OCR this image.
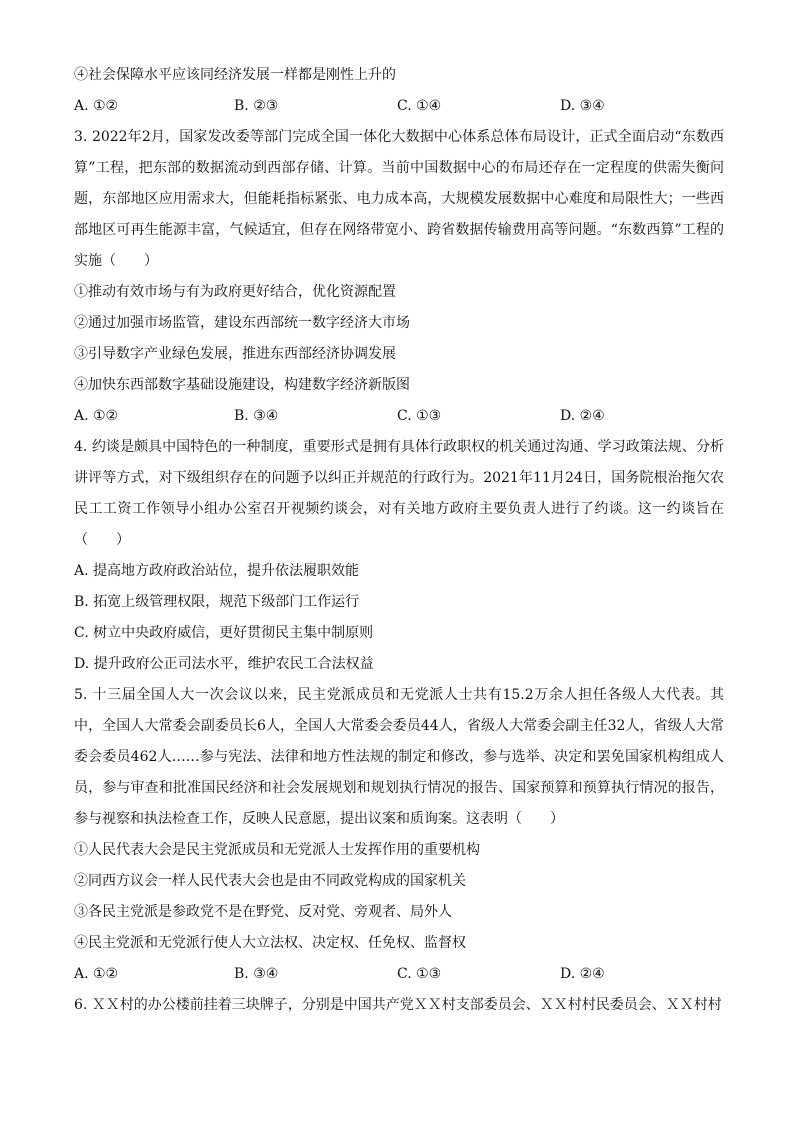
④社会保障水平应该同经济发展一样都是刚性上升的
A. ①②	B. ②③	C. ①④	D. ③④
3. 2022年2月，国家发改委等部门完成全国一体化大数据中心体系总体布局设计，正式全面启动“东数西算”工程，把东部的数据流动到西部存储、计算。当前中国数据中心的布局还存在一定程度的供需失衡问题，东部地区应用需求大，但能耗指标紧张、电力成本高，大规模发展数据中心难度和局限性大；一些西部地区可再生能源丰富，气候适宜，但存在网络带宽小、跨省数据传输费用高等问题。“东数西算”工程的实施（　　）
①推动有效市场与有为政府更好结合，优化资源配置
②通过加强市场监管，建设东西部统一数字经济大市场
③引导数字产业绿色发展，推进东西部经济协调发展
④加快东西部数字基础设施建设，构建数字经济新版图
A. ①②	B. ③④	C. ①③	D. ②④
4. 约谈是颇具中国特色的一种制度，重要形式是拥有具体行政职权的机关通过沟通、学习政策法规、分析讲评等方式，对下级组织存在的问题予以纠正并规范的行政行为。2021年11月24日，国务院根治拖欠农民工工资工作领导小组办公室召开视频约谈会，对有关地方政府主要负责人进行了约谈。这一约谈旨在（　　）
A. 提高地方政府政治站位，提升依法履职效能
B. 拓宽上级管理权限，规范下级部门工作运行
C. 树立中央政府威信，更好贯彻民主集中制原则
D. 提升政府公正司法水平，维护农民工合法权益
5. 十三届全国人大一次会议以来，民主党派成员和无党派人士共有15.2万余人担任各级人大代表。其中，全国人大常委会副委员长6人，全国人大常委会委员44人，省级人大常委会副主任32人，省级人大常委会委员462人……参与宪法、法律和地方性法规的制定和修改，参与选举、决定和罢免国家机构组成人员，参与审查和批准国民经济和社会发展规划和规划执行情况的报告、国家预算和预算执行情况的报告，参与视察和执法检查工作，反映人民意愿，提出议案和质询案。这表明（　　）
①人民代表大会是民主党派成员和无党派人士发挥作用的重要机构
②同西方议会一样人民代表大会也是由不同政党构成的国家机关
③各民主党派是参政党不是在野党、反对党、旁观者、局外人
④民主党派和无党派行使人大立法权、决定权、任免权、监督权
A. ①②	B. ③④	C. ①③	D. ②④
6. ＸＸ村的办公楼前挂着三块牌子，分别是中国共产党ＸＸ村支部委员会、ＸＸ村村民委员会、ＸＸ村村
